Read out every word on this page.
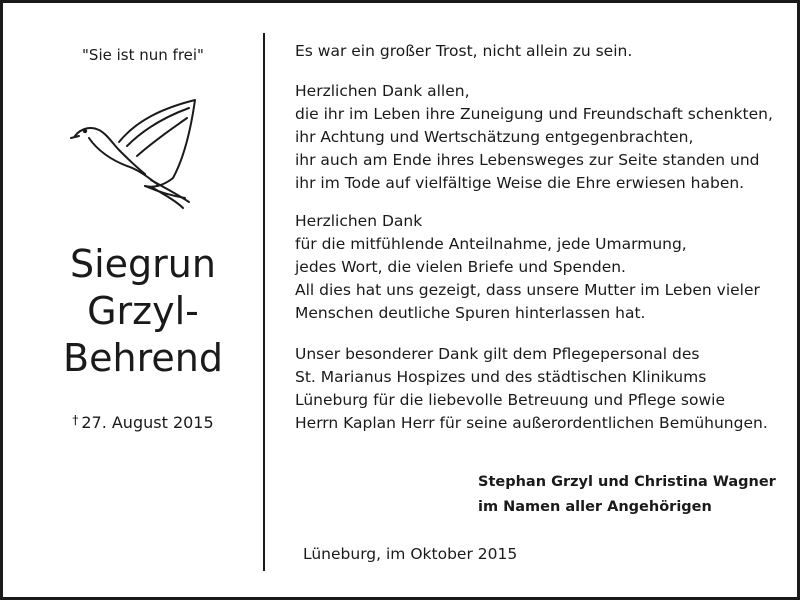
"Sie ist nun frei"
Siegrun
Grzyl-
Behrend
† 27. August 2015
Es war ein großer Trost, nicht allein zu sein.
Herzlichen Dank allen,
die ihr im Leben ihre Zuneigung und Freundschaft schenkten,
ihr Achtung und Wertschätzung entgegenbrachten,
ihr auch am Ende ihres Lebensweges zur Seite standen und
ihr im Tode auf vielfältige Weise die Ehre erwiesen haben.
Herzlichen Dank
für die mitfühlende Anteilnahme, jede Umarmung,
jedes Wort, die vielen Briefe und Spenden.
All dies hat uns gezeigt, dass unsere Mutter im Leben vieler
Menschen deutliche Spuren hinterlassen hat.
Unser besonderer Dank gilt dem Pflegepersonal des
St. Marianus Hospizes und des städtischen Klinikums
Lüneburg für die liebevolle Betreuung und Pflege sowie
Herrn Kaplan Herr für seine außerordentlichen Bemühungen.
Stephan Grzyl und Christina Wagner
im Namen aller Angehörigen
Lüneburg, im Oktober 2015
